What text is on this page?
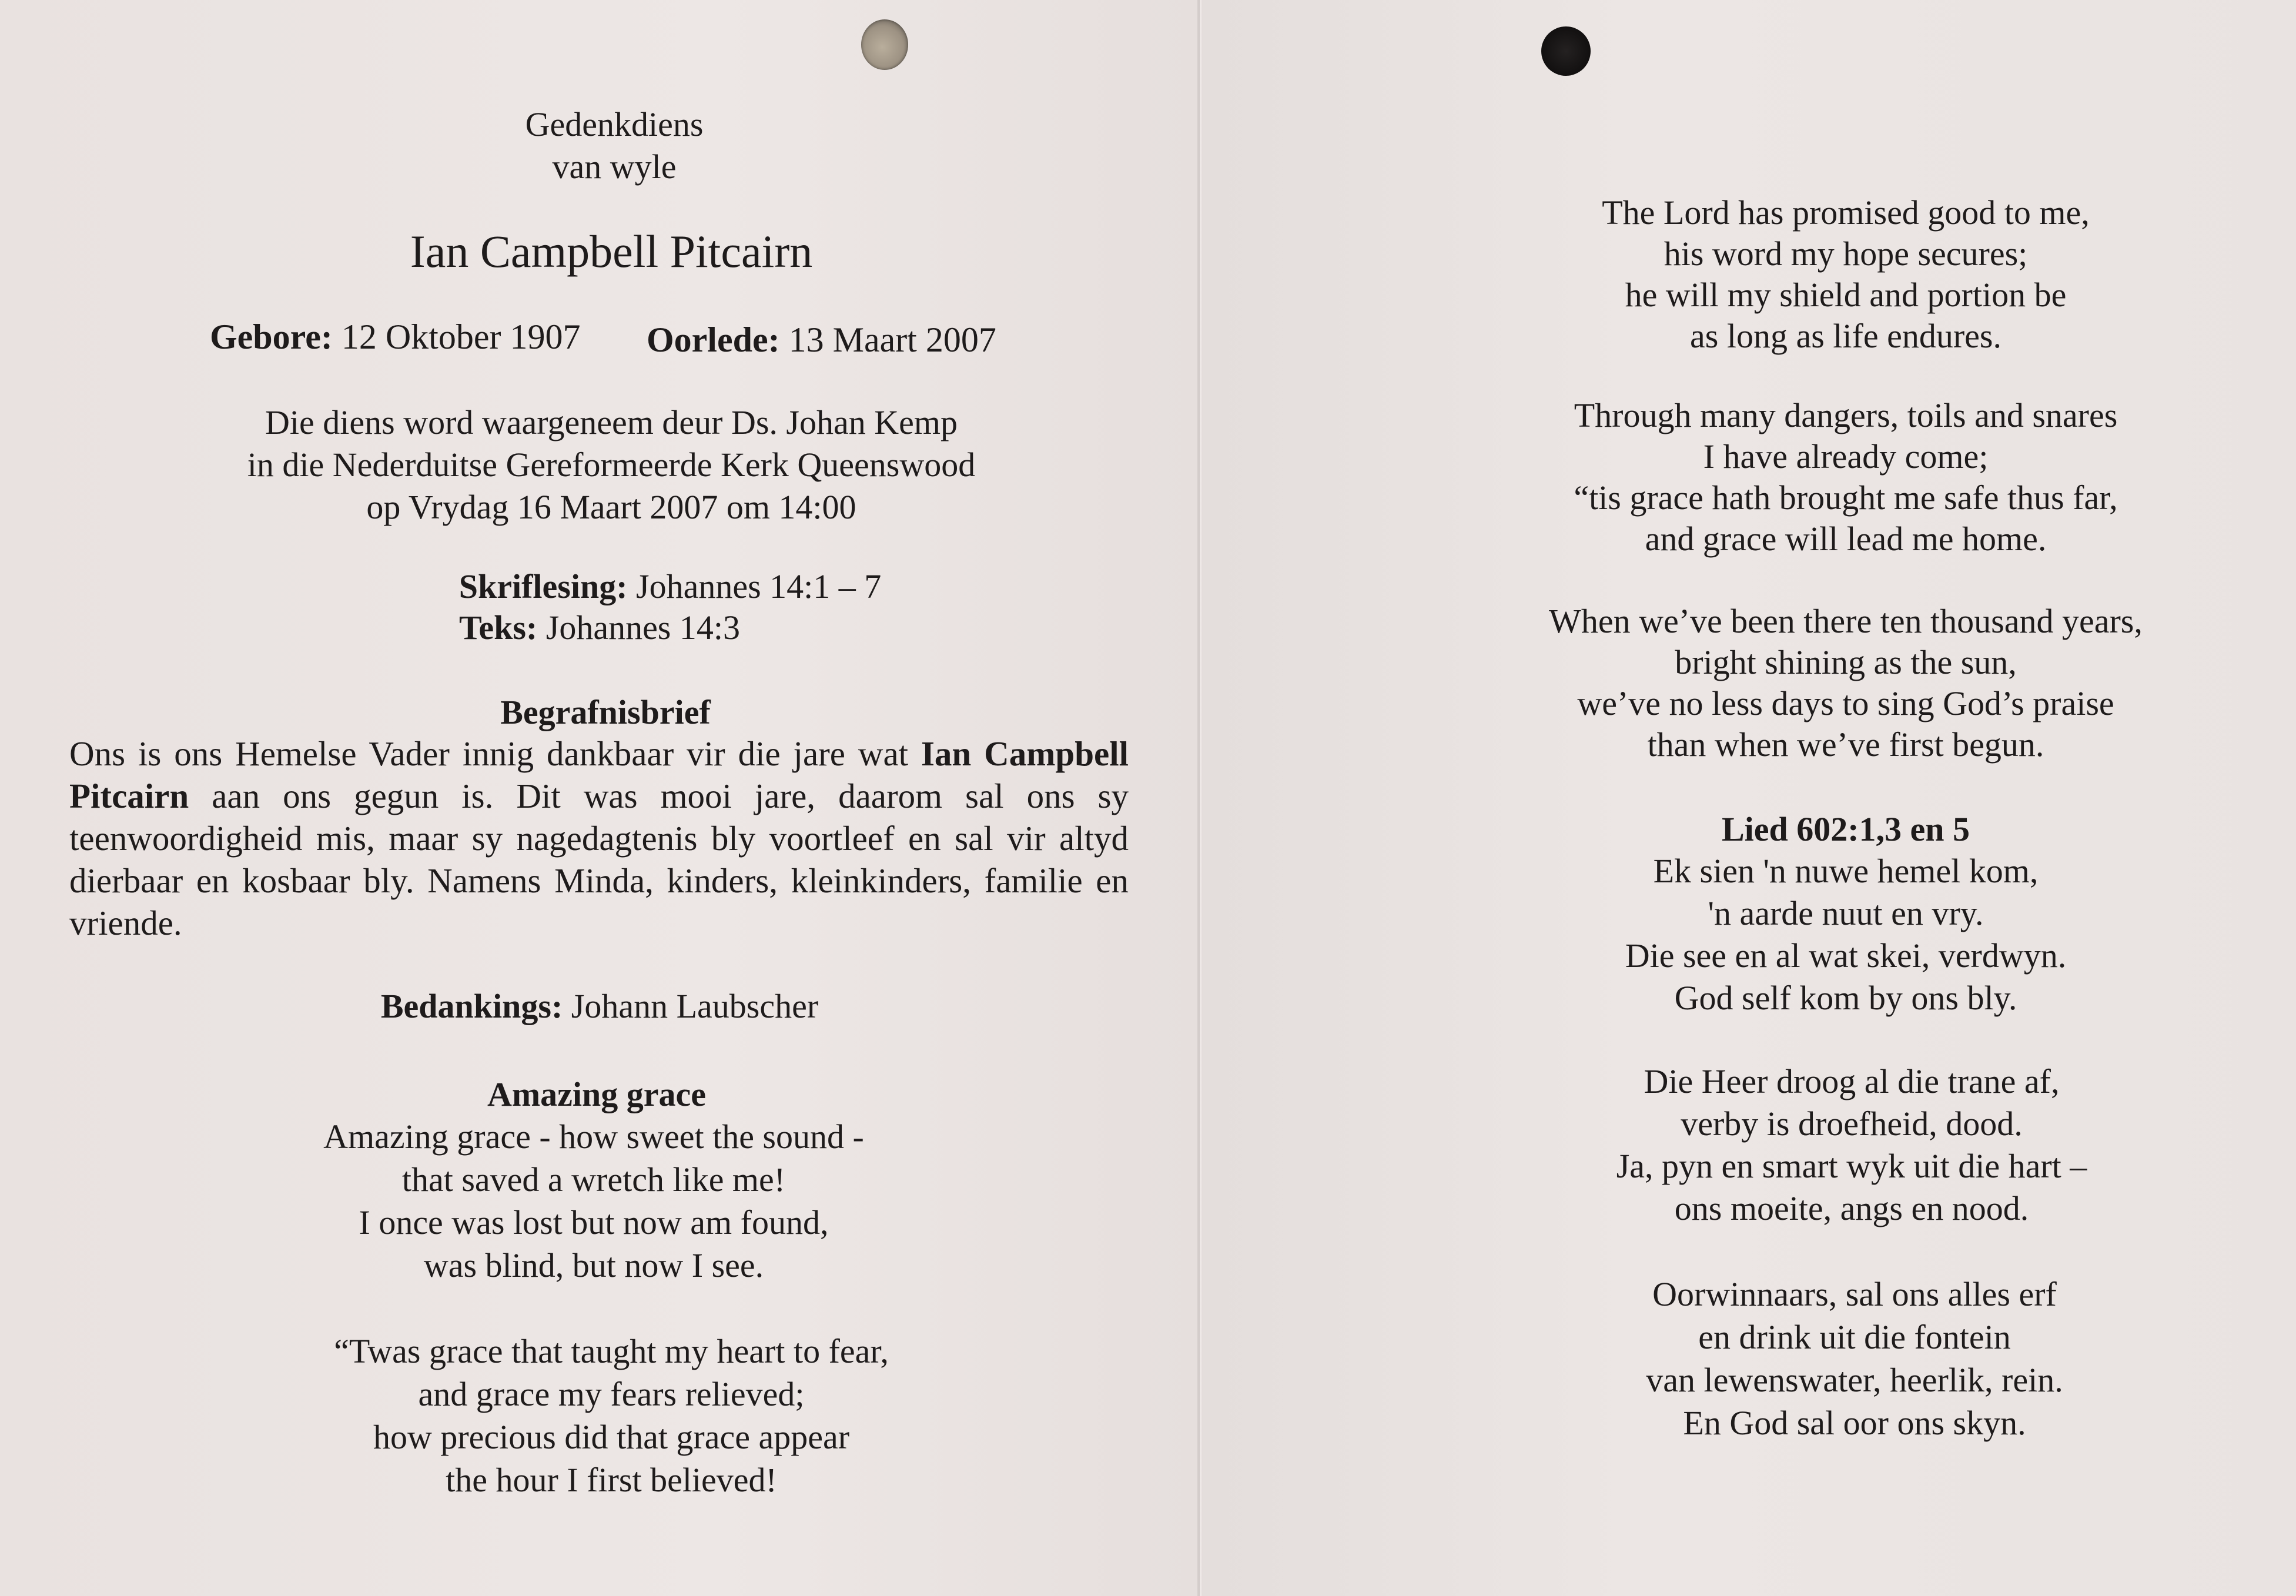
Gedenkdiens
van wyle
Ian Campbell Pitcairn
Gebore: 12 Oktober 1907	Oorlede: 13 Maart 2007
Die diens word waargeneem deur Ds. Johan Kemp
in die Nederduitse Gereformeerde Kerk Queenswood
op Vrydag 16 Maart 2007 om 14:00
Skriflesing: Johannes 14:1 – 7
Teks: Johannes 14:3
Begrafnisbrief
Ons is ons Hemelse Vader innig dankbaar vir die jare wat Ian Campbell Pitcairn aan ons gegun is. Dit was mooi jare, daarom sal ons sy teenwoordigheid mis, maar sy nagedagtenis bly voortleef en sal vir altyd dierbaar en kosbaar bly. Namens Minda, kinders, kleinkinders, familie en vriende.
Bedankings: Johann Laubscher
Amazing grace
Amazing grace - how sweet the sound -
that saved a wretch like me!
I once was lost but now am found,
was blind, but now I see.
“Twas grace that taught my heart to fear,
and grace my fears relieved;
how precious did that grace appear
the hour I first believed!
The Lord has promised good to me,
his word my hope secures;
he will my shield and portion be
as long as life endures.
Through many dangers, toils and snares
I have already come;
“tis grace hath brought me safe thus far,
and grace will lead me home.
When we’ve been there ten thousand years,
bright shining as the sun,
we’ve no less days to sing God’s praise
than when we’ve first begun.
Lied 602:1,3 en 5
Ek sien 'n nuwe hemel kom,
'n aarde nuut en vry.
Die see en al wat skei, verdwyn.
God self kom by ons bly.
Die Heer droog al die trane af,
verby is droefheid, dood.
Ja, pyn en smart wyk uit die hart –
ons moeite, angs en nood.
Oorwinnaars, sal ons alles erf
en drink uit die fontein
van lewenswater, heerlik, rein.
En God sal oor ons skyn.
